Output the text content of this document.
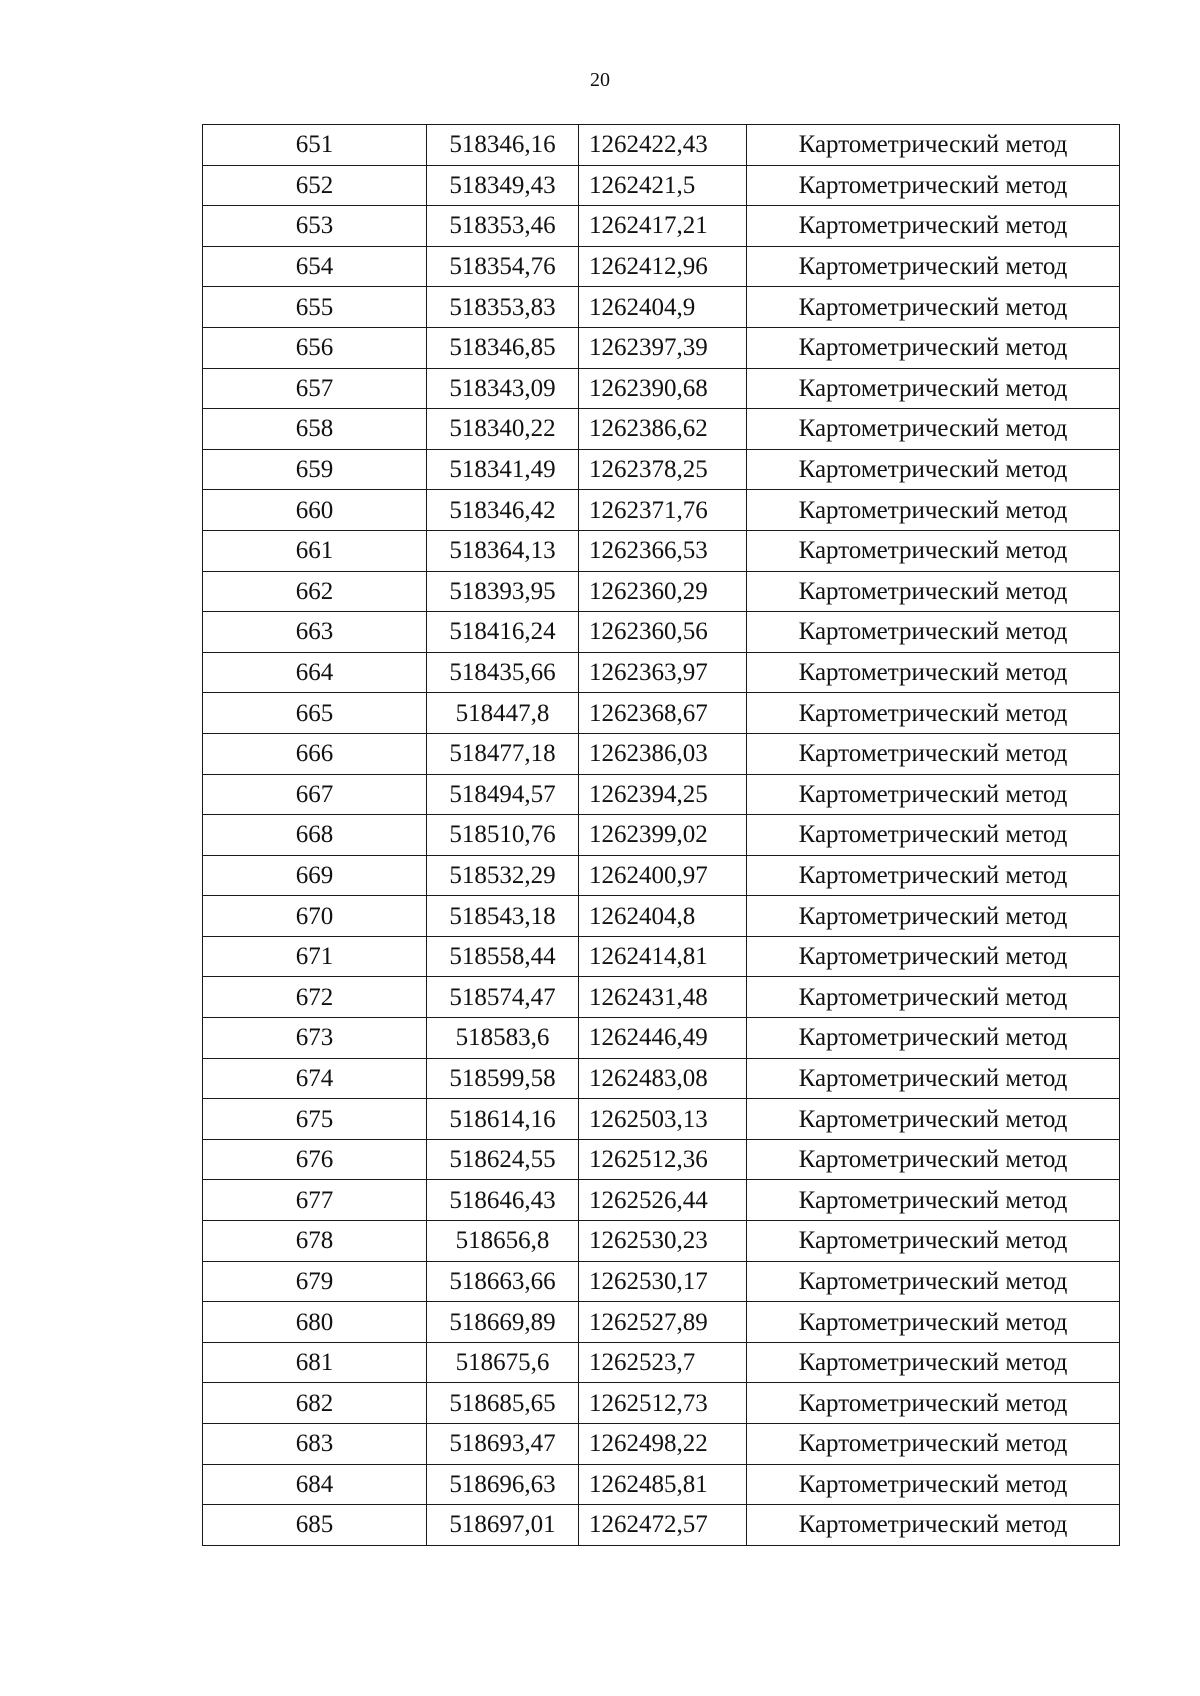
20
651	518346,16	1262422,43	Картометрический метод
652	518349,43	1262421,5	Картометрический метод
653	518353,46	1262417,21	Картометрический метод
654	518354,76	1262412,96	Картометрический метод
655	518353,83	1262404,9	Картометрический метод
656	518346,85	1262397,39	Картометрический метод
657	518343,09	1262390,68	Картометрический метод
658	518340,22	1262386,62	Картометрический метод
659	518341,49	1262378,25	Картометрический метод
660	518346,42	1262371,76	Картометрический метод
661	518364,13	1262366,53	Картометрический метод
662	518393,95	1262360,29	Картометрический метод
663	518416,24	1262360,56	Картометрический метод
664	518435,66	1262363,97	Картометрический метод
665	518447,8	1262368,67	Картометрический метод
666	518477,18	1262386,03	Картометрический метод
667	518494,57	1262394,25	Картометрический метод
668	518510,76	1262399,02	Картометрический метод
669	518532,29	1262400,97	Картометрический метод
670	518543,18	1262404,8	Картометрический метод
671	518558,44	1262414,81	Картометрический метод
672	518574,47	1262431,48	Картометрический метод
673	518583,6	1262446,49	Картометрический метод
674	518599,58	1262483,08	Картометрический метод
675	518614,16	1262503,13	Картометрический метод
676	518624,55	1262512,36	Картометрический метод
677	518646,43	1262526,44	Картометрический метод
678	518656,8	1262530,23	Картометрический метод
679	518663,66	1262530,17	Картометрический метод
680	518669,89	1262527,89	Картометрический метод
681	518675,6	1262523,7	Картометрический метод
682	518685,65	1262512,73	Картометрический метод
683	518693,47	1262498,22	Картометрический метод
684	518696,63	1262485,81	Картометрический метод
685	518697,01	1262472,57	Картометрический метод
